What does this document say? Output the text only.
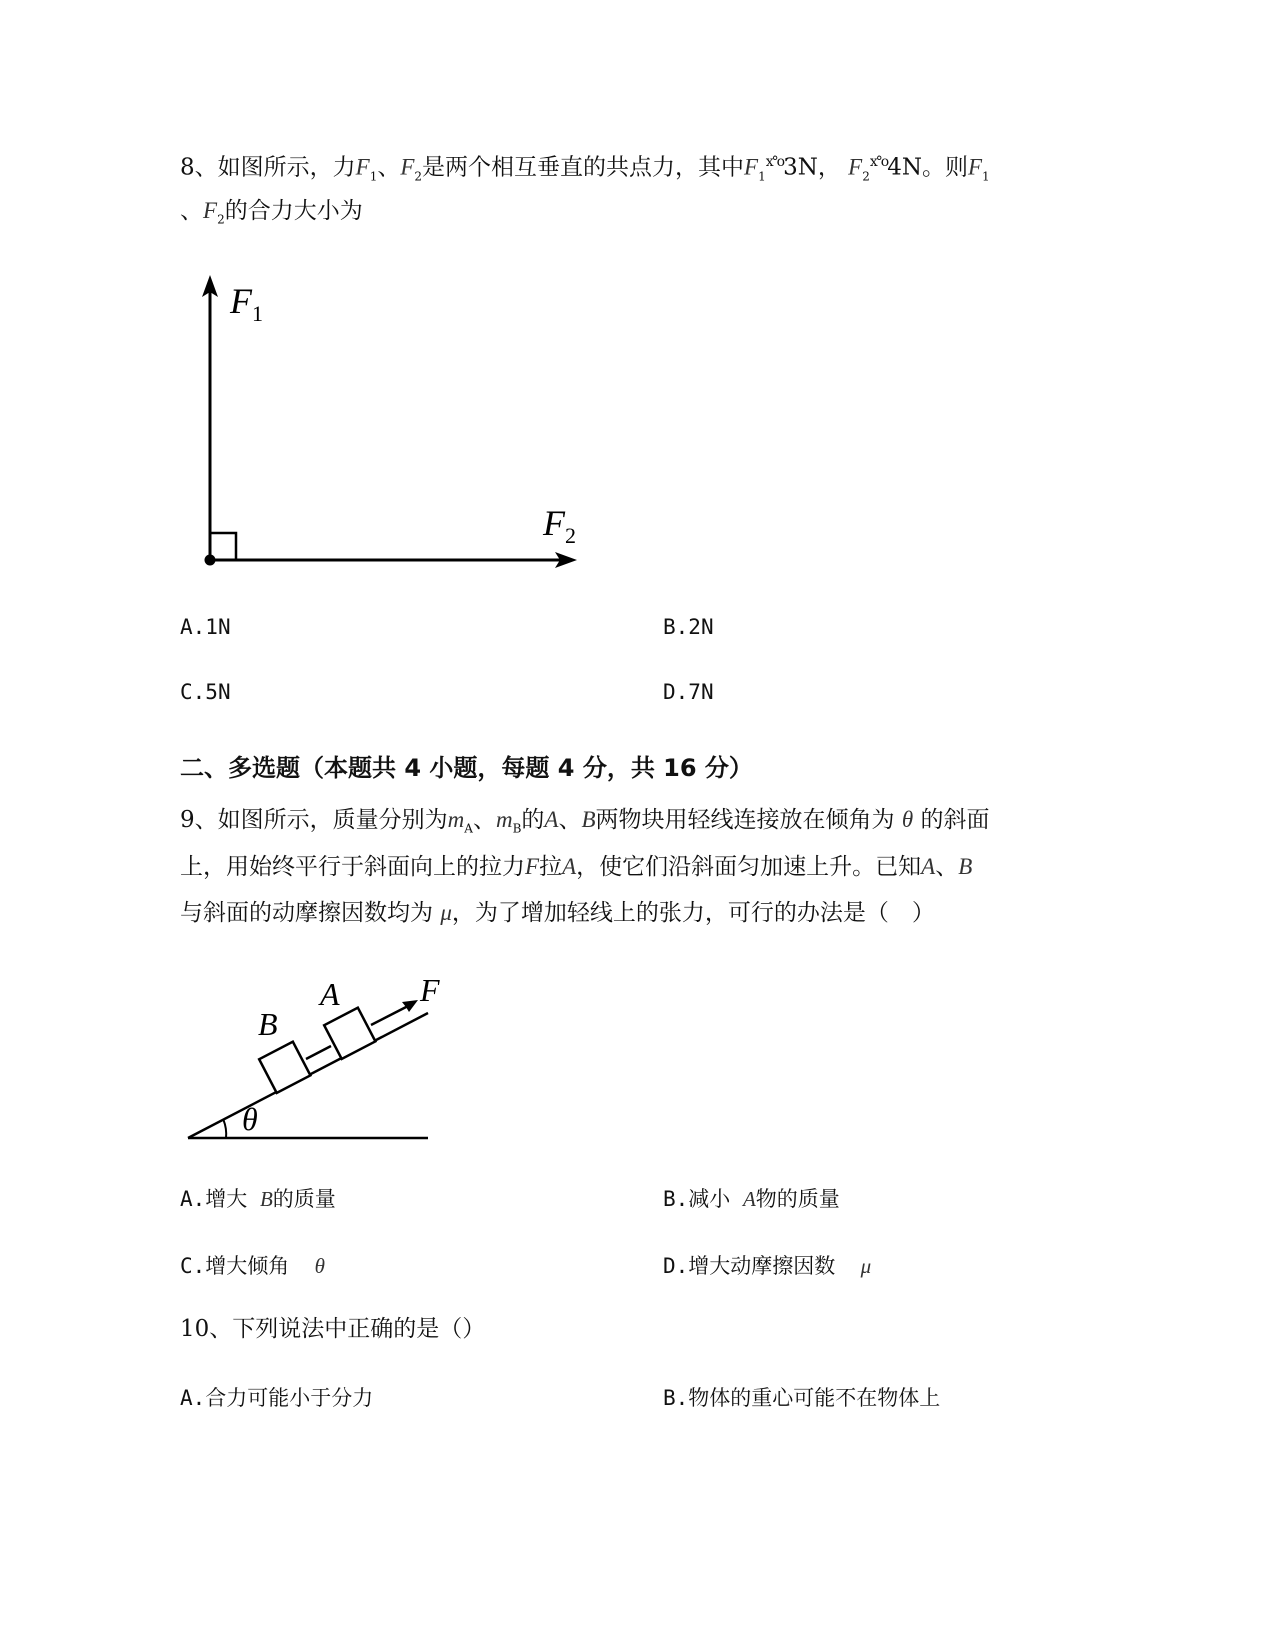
8、如图所示，力$F_1$、$F_2$是两个相互垂直的共点力，其中$F_1^{x^\circ o}3N$， $F_2^{x^\circ o}4N$。则$F_1$
、$F_2$的合力大小为
$F_1$
$F_2$
A.1N	B.2N
C.5N	D.7N
二、多选题（本题共 4 小题，每题 4 分，共 16 分）
9、如图所示，质量分别为$m_A$、$m_B$的A、B两物块用轻线连接放在倾角为 θ 的斜面
上，用始终平行于斜面向上的拉力F拉A，使它们沿斜面匀加速上升。已知A、B
与斜面的动摩擦因数均为 μ，为了增加轻线上的张力，可行的办法是（　）
B
A	F
θ
A.增大 B的质量	B.减小 A物的质量
C.增大倾角 θ	D.增大动摩擦因数 μ
10、下列说法中正确的是（）
A.合力可能小于分力	B.物体的重心可能不在物体上
